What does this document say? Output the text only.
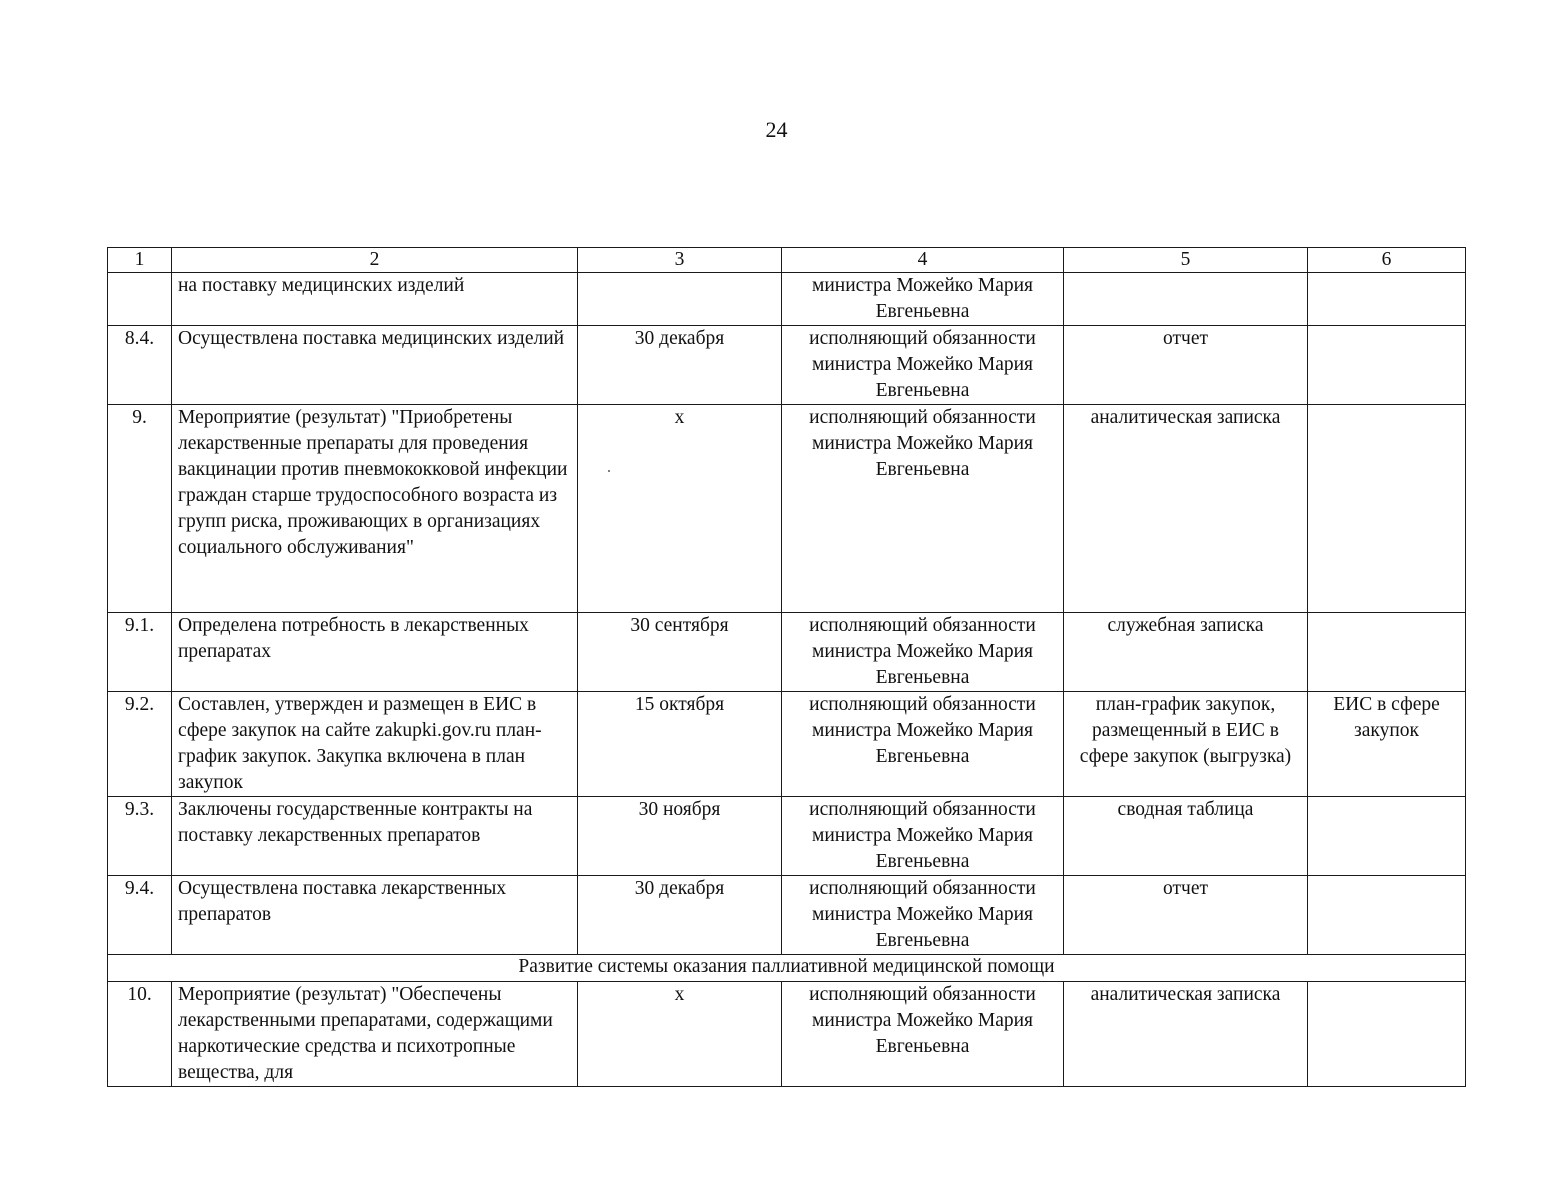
24
1	2	3	4	5	6
	на поставку медицинских изделий		министра Можейко Мария Евгеньевна		
8.4.	Осуществлена поставка медицинских изделий	30 декабря	исполняющий обязанности министра Можейко Мария Евгеньевна	отчет	
9.	Мероприятие (результат) "Приобретены лекарственные препараты для проведения вакцинации против пневмококковой инфекции граждан старше трудоспособного возраста из групп риска, проживающих в организациях социального обслуживания"	х	исполняющий обязанности министра Можейко Мария Евгеньевна	аналитическая записка	
9.1.	Определена потребность в лекарственных препаратах	30 сентября	исполняющий обязанности министра Можейко Мария Евгеньевна	служебная записка	
9.2.	Составлен, утвержден и размещен в ЕИС в сфере закупок на сайте zakupki.gov.ru план-график закупок. Закупка включена в план закупок	15 октября	исполняющий обязанности министра Можейко Мария Евгеньевна	план-график закупок, размещенный в ЕИС в сфере закупок (выгрузка)	ЕИС в сфере закупок
9.3.	Заключены государственные контракты на поставку лекарственных препаратов	30 ноября	исполняющий обязанности министра Можейко Мария Евгеньевна	сводная таблица	
9.4.	Осуществлена поставка лекарственных препаратов	30 декабря	исполняющий обязанности министра Можейко Мария Евгеньевна	отчет	
Развитие системы оказания паллиативной медицинской помощи					
10.	Мероприятие (результат) "Обеспечены лекарственными препаратами, содержащими наркотические средства и психотропные вещества, для	х	исполняющий обязанности министра Можейко Мария Евгеньевна	аналитическая записка	
